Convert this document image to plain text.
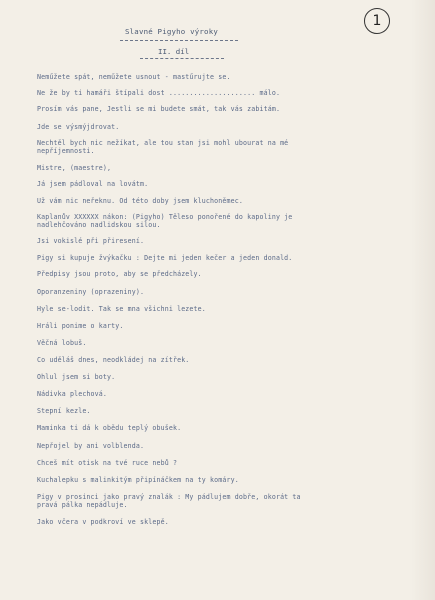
1
Slavné Pigyho výroky
II. díl
Neműžete spát, neműžete usnout - mastűrujte se.
Ne že by ti hamáři štípali dost ..................... málo.
Prosím vás pane, Jestli se mi budete smát, tak vás zabitám.
Jde se výsmýjdrovat.
Nechtěl bych nic nežíkat, ale tou stan jsi mohl ubourat na mé
nepříjemnosti.
Mistre, (maestre),
Já jsem pádloval na lovátm.
Už vám nic neřeknu. Od této doby jsem kluchoněmec.
Kaplanův XXXXXX nákon: (Pigyho) Těleso ponořené do kapoliny je
nadlehčováno nadlidskou silou.
Jsi vokislé při přiresení.
Pigy si kupuje žvýkačku : Dejte mi jeden kečer a jeden donald.
Předpisy jsou proto, aby se předcházely.
Oporanzeniny (oprazeniny).
Hyle se-lodit. Tak se mna všichni lezete.
Hráli ponime o karty.
Věčná lobuš.
Co uděláš dnes, neodkládej na zítřek.
Ohlul jsem si boty.
Nádivka plechová.
Stepní kezle.
Maminka ti dá k obědu teplý obušek.
Nepřojel by ani volblenda.
Chceš mít otisk na tvé ruce nebů ?
Kuchalepku s malinkitým připínáčkem na ty komáry.
Pigy v prosinci jako pravý znalák : My pádlujem dobře, okorát ta
pravá pálka nepádluje.
Jako včera v podkroví ve sklepě.
